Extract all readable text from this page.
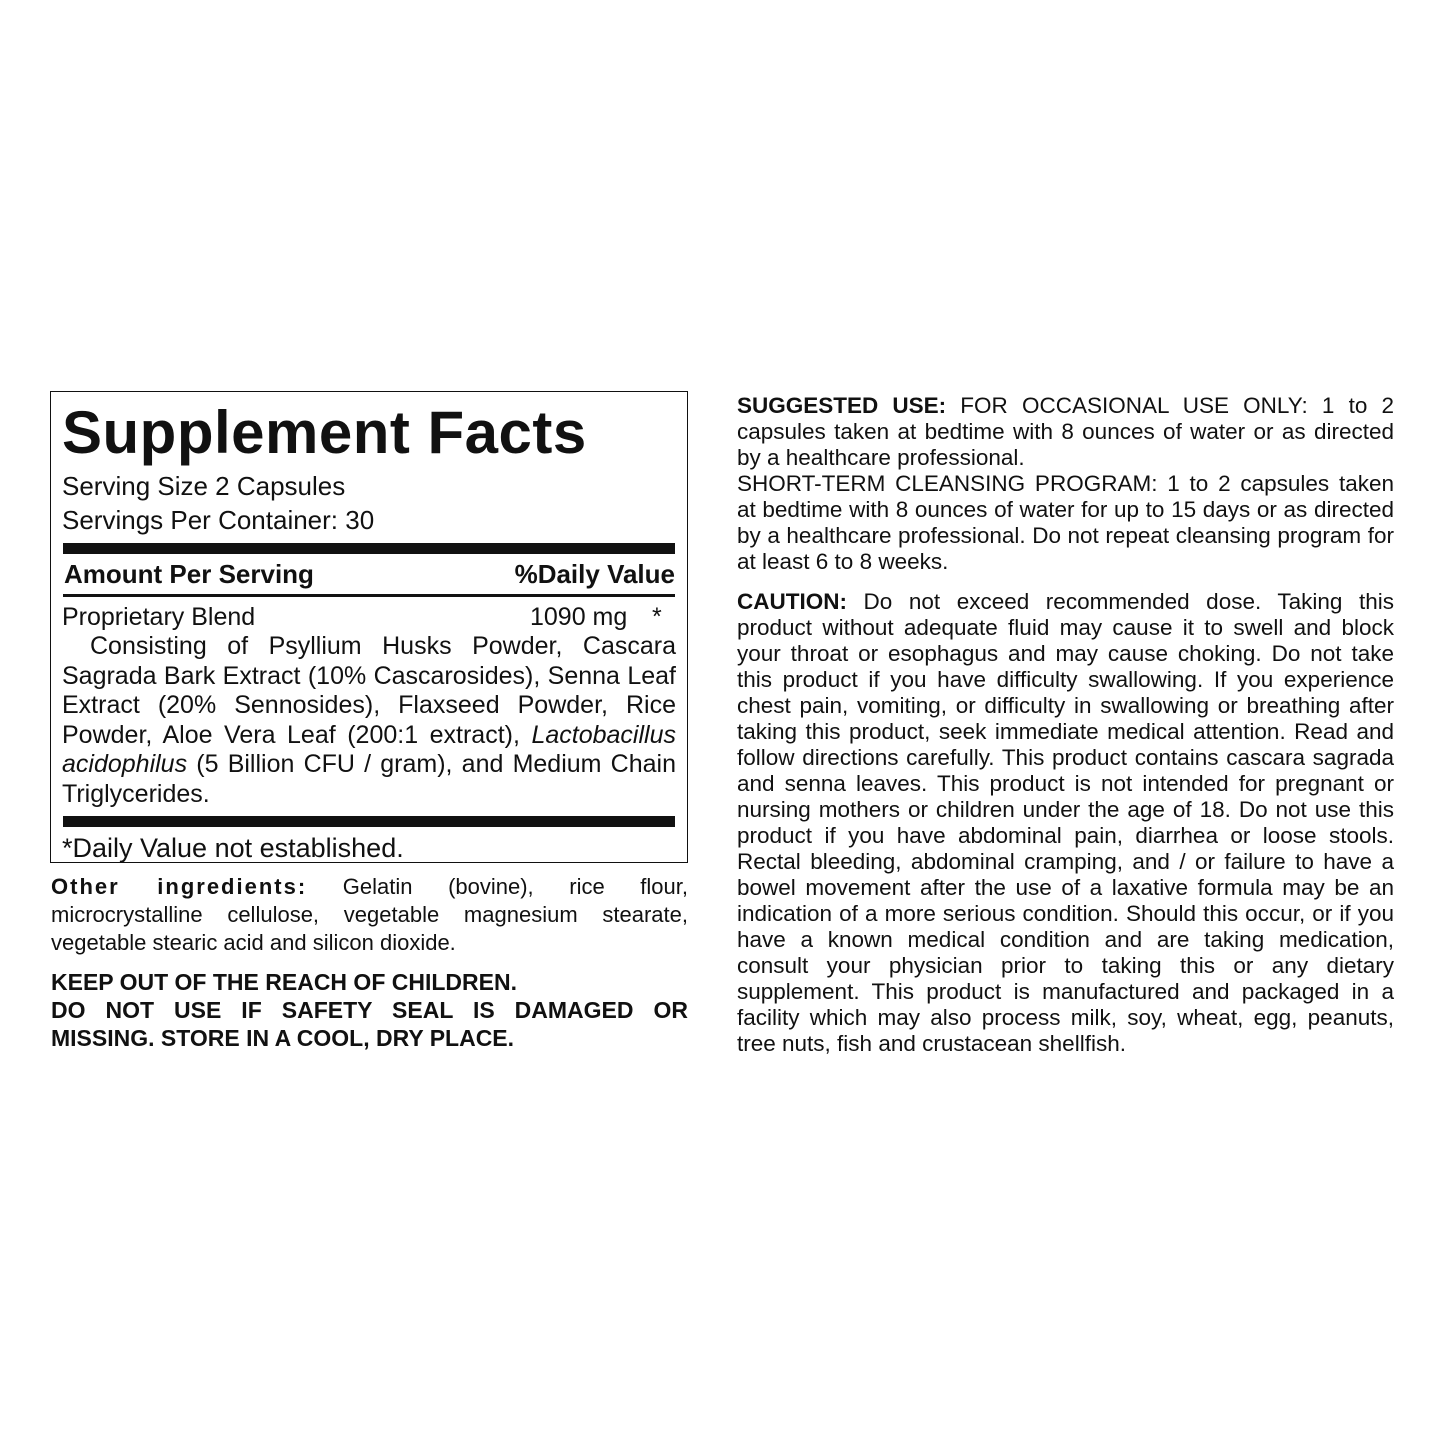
Supplement Facts
Serving Size 2 Capsules
Servings Per Container: 30
Amount Per Serving	%Daily Value
Proprietary Blend	1090 mg *

Consisting of Psyllium Husks Powder, Cascara Sagrada Bark Extract (10% Cascarosides), Senna Leaf Extract (20% Sennosides), Flaxseed Powder, Rice Powder, Aloe Vera Leaf (200:1 extract), Lactobacillus acidophilus (5 Billion CFU / gram), and Medium Chain Triglycerides.

*Daily Value not established.

Other ingredients: Gelatin (bovine), rice flour, microcrystalline cellulose, vegetable magnesium stearate, vegetable stearic acid and silicon dioxide.

KEEP OUT OF THE REACH OF CHILDREN.
DO NOT USE IF SAFETY SEAL IS DAMAGED OR MISSING. STORE IN A COOL, DRY PLACE.

SUGGESTED USE: FOR OCCASIONAL USE ONLY: 1 to 2 capsules taken at bedtime with 8 ounces of water or as directed by a healthcare professional.

SHORT-TERM CLEANSING PROGRAM: 1 to 2 capsules taken at bedtime with 8 ounces of water for up to 15 days or as directed by a healthcare professional. Do not repeat cleansing program for at least 6 to 8 weeks.

CAUTION: Do not exceed recommended dose. Taking this product without adequate fluid may cause it to swell and block your throat or esophagus and may cause choking. Do not take this product if you have difficulty swallowing. If you experience chest pain, vomiting, or difficulty in swallowing or breathing after taking this product, seek immediate medical attention. Read and follow directions carefully. This product contains cascara sagrada and senna leaves. This product is not intended for pregnant or nursing mothers or children under the age of 18. Do not use this product if you have abdominal pain, diarrhea or loose stools. Rectal bleeding, abdominal cramping, and / or failure to have a bowel movement after the use of a laxative formula may be an indication of a more serious condition. Should this occur, or if you have a known medical condition and are taking medication, consult your physician prior to taking this or any dietary supplement. This product is manufactured and packaged in a facility which may also process milk, soy, wheat, egg, peanuts, tree nuts, fish and crustacean shellfish.
